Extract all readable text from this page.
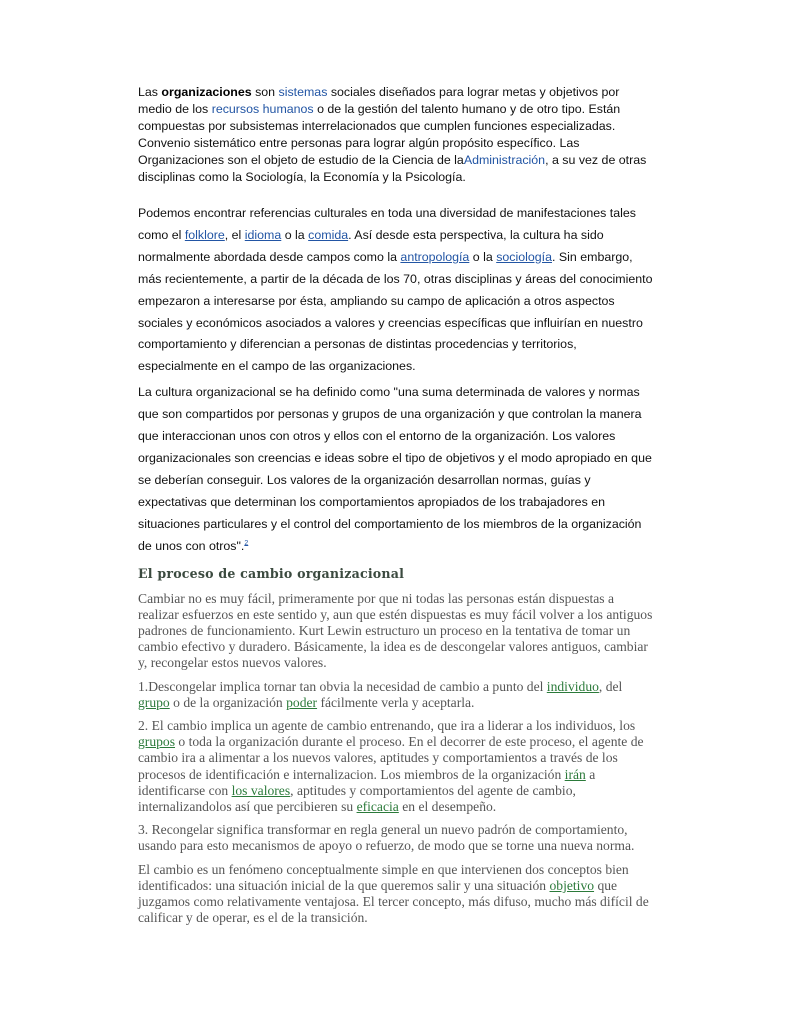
Las organizaciones son sistemas sociales diseñados para lograr metas y objetivos por medio de los recursos humanos o de la gestión del talento humano y de otro tipo. Están compuestas por subsistemas interrelacionados que cumplen funciones especializadas. Convenio sistemático entre personas para lograr algún propósito específico. Las Organizaciones son el objeto de estudio de la Ciencia de laAdministración, a su vez de otras disciplinas como la Sociología, la Economía y la Psicología.

Podemos encontrar referencias culturales en toda una diversidad de manifestaciones tales como el folklore, el idioma o la comida. Así desde esta perspectiva, la cultura ha sido normalmente abordada desde campos como la antropología o la sociología. Sin embargo, más recientemente, a partir de la década de los 70, otras disciplinas y áreas del conocimiento empezaron a interesarse por ésta, ampliando su campo de aplicación a otros aspectos sociales y económicos asociados a valores y creencias específicas que influirían en nuestro comportamiento y diferencian a personas de distintas procedencias y territorios, especialmente en el campo de las organizaciones.

La cultura organizacional se ha definido como "una suma determinada de valores y normas que son compartidos por personas y grupos de una organización y que controlan la manera que interaccionan unos con otros y ellos con el entorno de la organización. Los valores organizacionales son creencias e ideas sobre el tipo de objetivos y el modo apropiado en que se deberían conseguir. Los valores de la organización desarrollan normas, guías y expectativas que determinan los comportamientos apropiados de los trabajadores en situaciones particulares y el control del comportamiento de los miembros de la organización de unos con otros".$^2$

El proceso de cambio organizacional

Cambiar no es muy fácil, primeramente por que ni todas las personas están dispuestas a realizar esfuerzos en este sentido y, aun que estén dispuestas es muy fácil volver a los antiguos padrones de funcionamiento. Kurt Lewin estructuro un proceso en la tentativa de tomar un cambio efectivo y duradero. Básicamente, la idea es de descongelar valores antiguos, cambiar y, recongelar estos nuevos valores.

1.Descongelar implica tornar tan obvia la necesidad de cambio a punto del individuo, del grupo o de la organización poder fácilmente verla y aceptarla.

2. El cambio implica un agente de cambio entrenando, que ira a liderar a los individuos, los grupos o toda la organización durante el proceso. En el decorrer de este proceso, el agente de cambio ira a alimentar a los nuevos valores, aptitudes y comportamientos a través de los procesos de identificación e internalizacion. Los miembros de la organización irán a identificarse con los valores, aptitudes y comportamientos del agente de cambio, internalizandolos así que percibieren su eficacia en el desempeño.

3. Recongelar significa transformar en regla general un nuevo padrón de comportamiento, usando para esto mecanismos de apoyo o refuerzo, de modo que se torne una nueva norma.

El cambio es un fenómeno conceptualmente simple en que intervienen dos conceptos bien identificados: una situación inicial de la que queremos salir y una situación objetivo que juzgamos como relativamente ventajosa. El tercer concepto, más difuso, mucho más difícil de calificar y de operar, es el de la transición.
